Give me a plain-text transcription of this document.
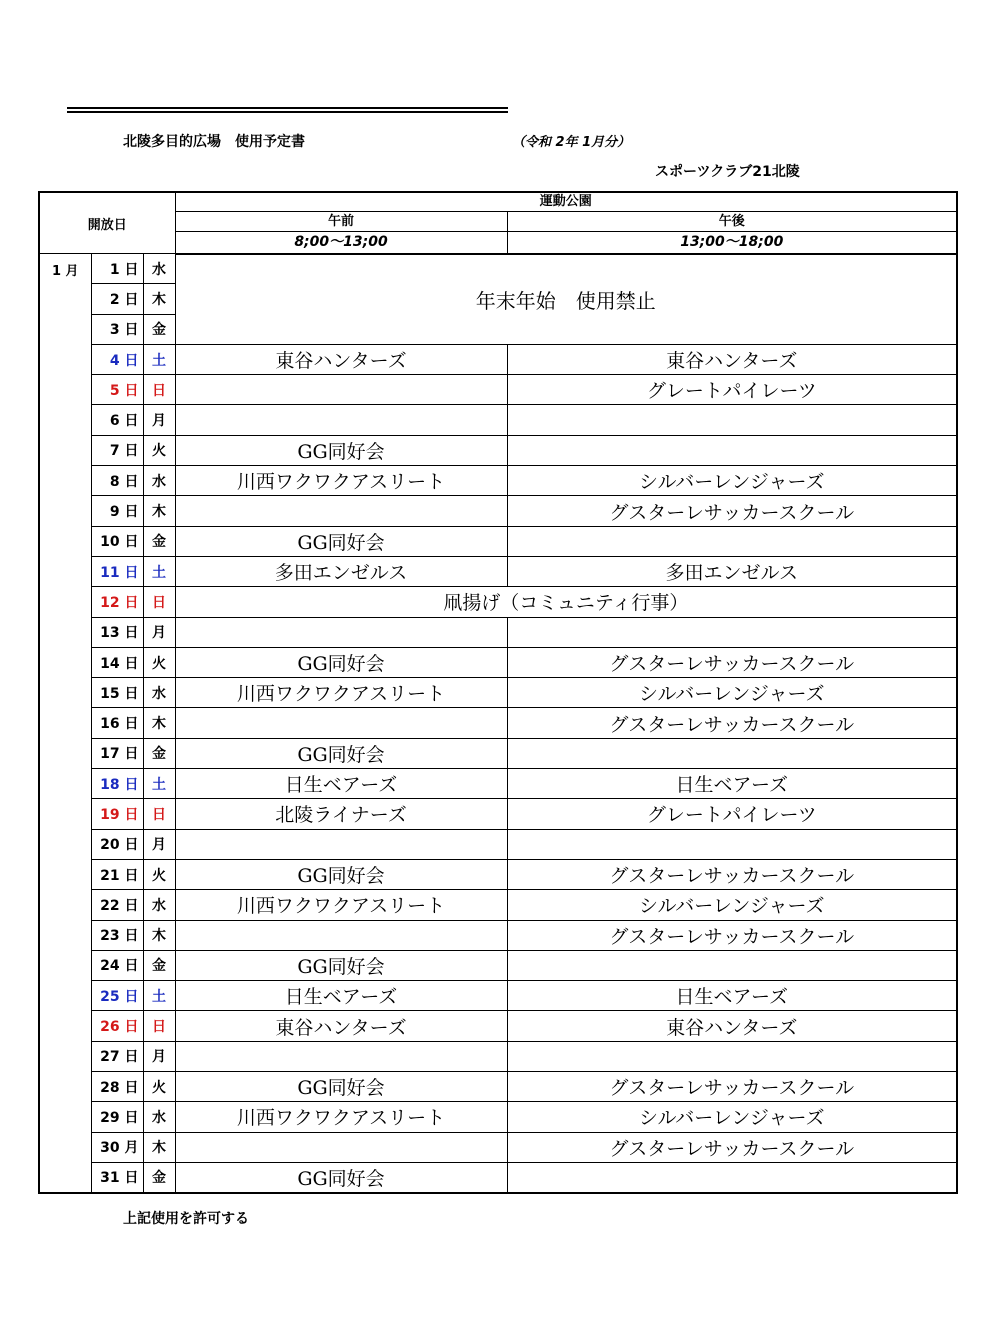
北陵多目的広場　使用予定書	（令和 2年 1月分）
スポーツクラブ21北陵
開放日			運動公園	
			午前	午後
			8;00～13;00	13;00～18;00
1 月	1 日	水	年末年始　使用禁止	
	2 日	木		
	3 日	金		
	4 日	土	東谷ハンターズ	東谷ハンターズ
	5 日	日		グレートパイレーツ
	6 日	月		
	7 日	火	GG同好会	
	8 日	水	川西ワクワクアスリート	シルバーレンジャーズ
	9 日	木		グスターレサッカースクール
	10 日	金	GG同好会	
	11 日	土	多田エンゼルス	多田エンゼルス
	12 日	日	凧揚げ（コミュニティ行事）	
	13 日	月		
	14 日	火	GG同好会	グスターレサッカースクール
	15 日	水	川西ワクワクアスリート	シルバーレンジャーズ
	16 日	木		グスターレサッカースクール
	17 日	金	GG同好会	
	18 日	土	日生ベアーズ	日生ベアーズ
	19 日	日	北陵ライナーズ	グレートパイレーツ
	20 日	月		
	21 日	火	GG同好会	グスターレサッカースクール
	22 日	水	川西ワクワクアスリート	シルバーレンジャーズ
	23 日	木		グスターレサッカースクール
	24 日	金	GG同好会	
	25 日	土	日生ベアーズ	日生ベアーズ
	26 日	日	東谷ハンターズ	東谷ハンターズ
	27 日	月		
	28 日	火	GG同好会	グスターレサッカースクール
	29 日	水	川西ワクワクアスリート	シルバーレンジャーズ
	30 月	木		グスターレサッカースクール
	31 日	金	GG同好会	
上記使用を許可する
